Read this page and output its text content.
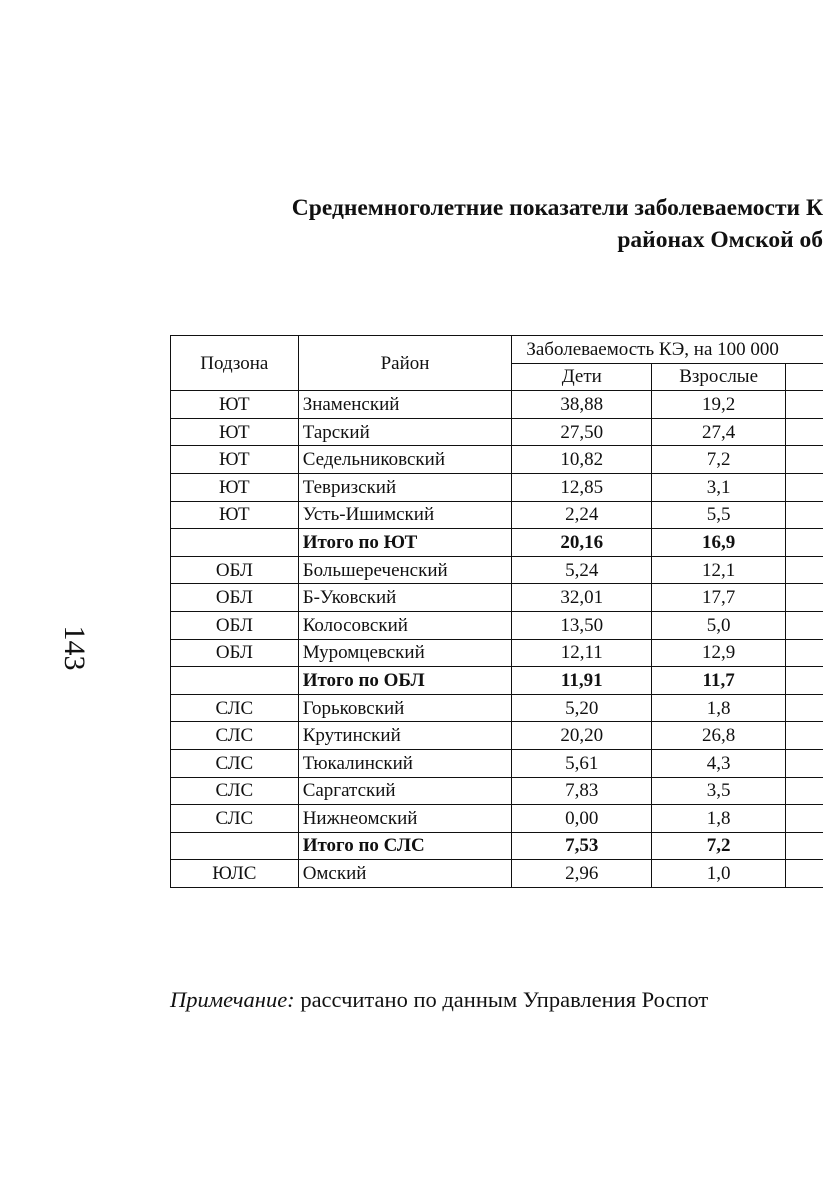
143
Среднемноголетние показатели заболеваемости К
районах Омской об
Подзона	Район	Заболеваемость КЭ, на 100 000		
		Дети	Взрослые	
ЮТ	Знаменский	38,88	19,2	
ЮТ	Тарский	27,50	27,4	
ЮТ	Седельниковский	10,82	7,2	
ЮТ	Тевризский	12,85	3,1	
ЮТ	Усть-Ишимский	2,24	5,5	
	Итого по ЮТ	20,16	16,9	
ОБЛ	Большереченский	5,24	12,1	
ОБЛ	Б-Уковский	32,01	17,7	
ОБЛ	Колосовский	13,50	5,0	
ОБЛ	Муромцевский	12,11	12,9	
	Итого по ОБЛ	11,91	11,7	
СЛС	Горьковский	5,20	1,8	
СЛС	Крутинский	20,20	26,8	
СЛС	Тюкалинский	5,61	4,3	
СЛС	Саргатский	7,83	3,5	
СЛС	Нижнеомский	0,00	1,8	
	Итого по СЛС	7,53	7,2	
ЮЛС	Омский	2,96	1,0	

Примечание: рассчитано по данным Управления Роспот
